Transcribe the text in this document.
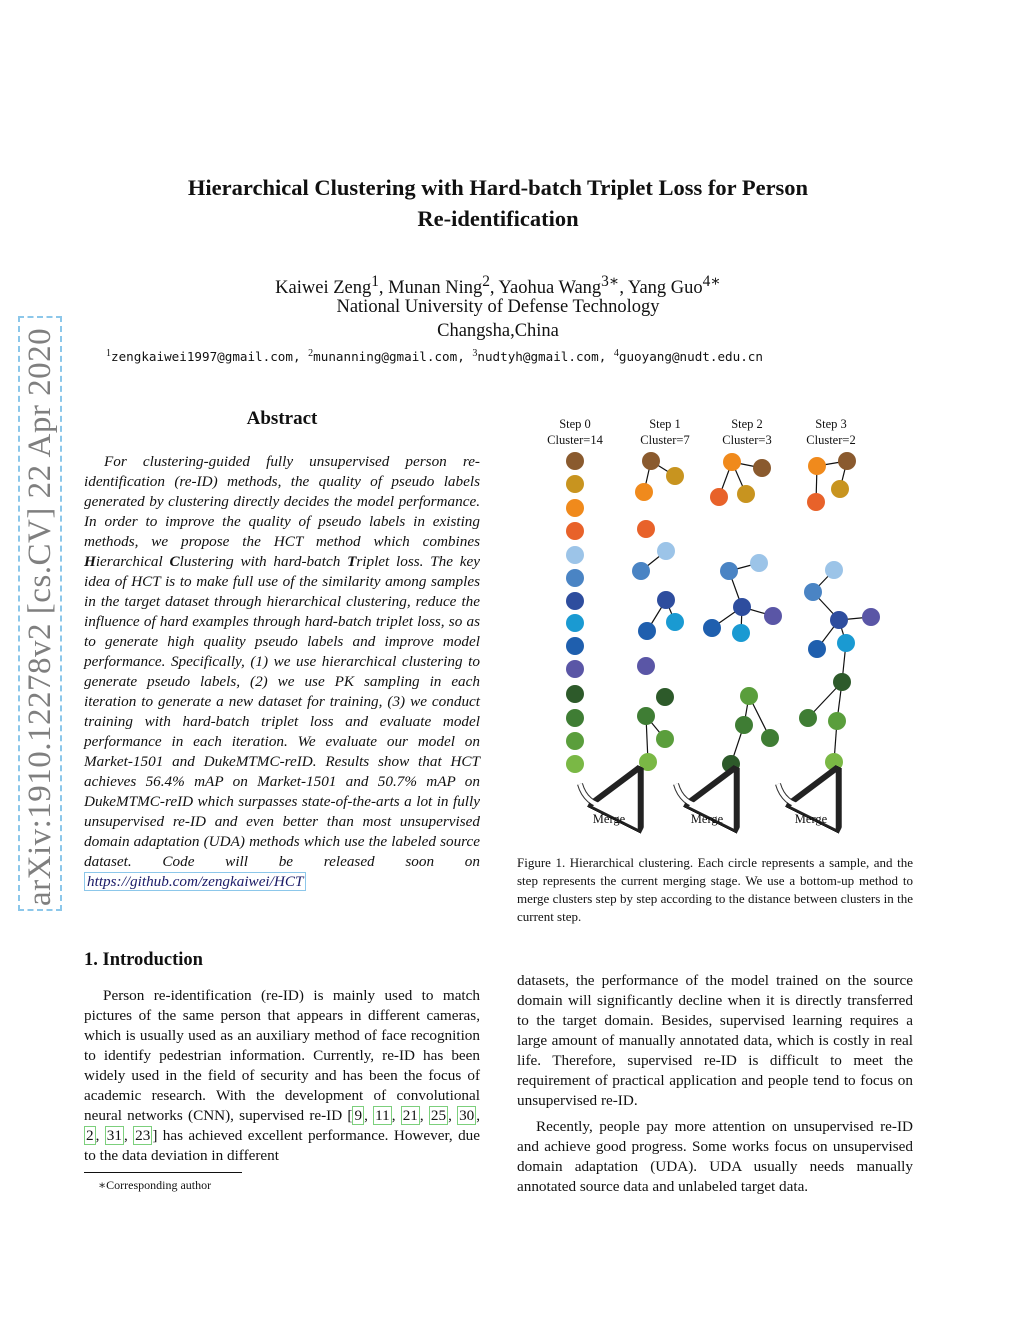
arXiv:1910.12278v2 [cs.CV] 22 Apr 2020
Hierarchical Clustering with Hard-batch Triplet Loss for Person
Re-identification
Kaiwei Zeng$^1$, Munan Ning$^2$, Yaohua Wang$^{3∗}$, Yang Guo$^{4∗}$
National University of Defense Technology
Changsha,China
$^1$zengkaiwei1997@gmail.com, $^2$munanning@gmail.com, $^3$nudtyh@gmail.com, $^4$guoyang@nudt.edu.cn
Abstract

For clustering-guided fully unsupervised person re-identification (re-ID) methods, the quality of pseudo labels generated by clustering directly decides the model performance. In order to improve the quality of pseudo labels in existing methods, we propose the HCT method which combines Hierarchical Clustering with hard-batch Triplet loss. The key idea of HCT is to make full use of the similarity among samples in the target dataset through hierarchical clustering, reduce the influence of hard examples through hard-batch triplet loss, so as to generate high quality pseudo labels and improve model performance. Specifically, (1) we use hierarchical clustering to generate pseudo labels, (2) we use PK sampling in each iteration to generate a new dataset for training, (3) we conduct training with hard-batch triplet loss and evaluate model performance in each iteration. We evaluate our model on Market-1501 and DukeMTMC-reID. Results show that HCT achieves 56.4% mAP on Market-1501 and 50.7% mAP on DukeMTMC-reID which surpasses state-of-the-arts a lot in fully unsupervised re-ID and even better than most unsupervised domain adaptation (UDA) methods which use the labeled source dataset. Code will be released soon on https://github.com/zengkaiwei/HCT

1. Introduction

Person re-identification (re-ID) is mainly used to match pictures of the same person that appears in different cameras, which is usually used as an auxiliary method of face recognition to identify pedestrian information. Currently, re-ID has been widely used in the field of security and has been the focus of academic research. With the development of convolutional neural networks (CNN), supervised re-ID [ 9 , 11 , 21 , 25 , 30 , 2 , 31 , 23 ] has achieved excellent performance. However, due to the data deviation in different

∗Corresponding author

datasets, the performance of the model trained on the source domain will significantly decline when it is directly transferred to the target domain. Besides, supervised learning requires a large amount of manually annotated data, which is costly in real life. Therefore, supervised re-ID is difficult to meet the requirement of practical application and people tend to focus on unsupervised re-ID.

Recently, people pay more attention on unsupervised re-ID and achieve good progress. Some works focus on unsupervised domain adaptation (UDA). UDA usually needs manually annotated source data and unlabeled target data.

Step 0
Cluster=14
Step 1
Cluster=7
Step 2
Cluster=3
Step 3
Cluster=2
Merge	Merge	Merge
Figure 1. Hierarchical clustering. Each circle represents a sample, and the step represents the current merging stage. We use a bottom-up method to merge clusters step by step according to the distance between clusters in the current step.
